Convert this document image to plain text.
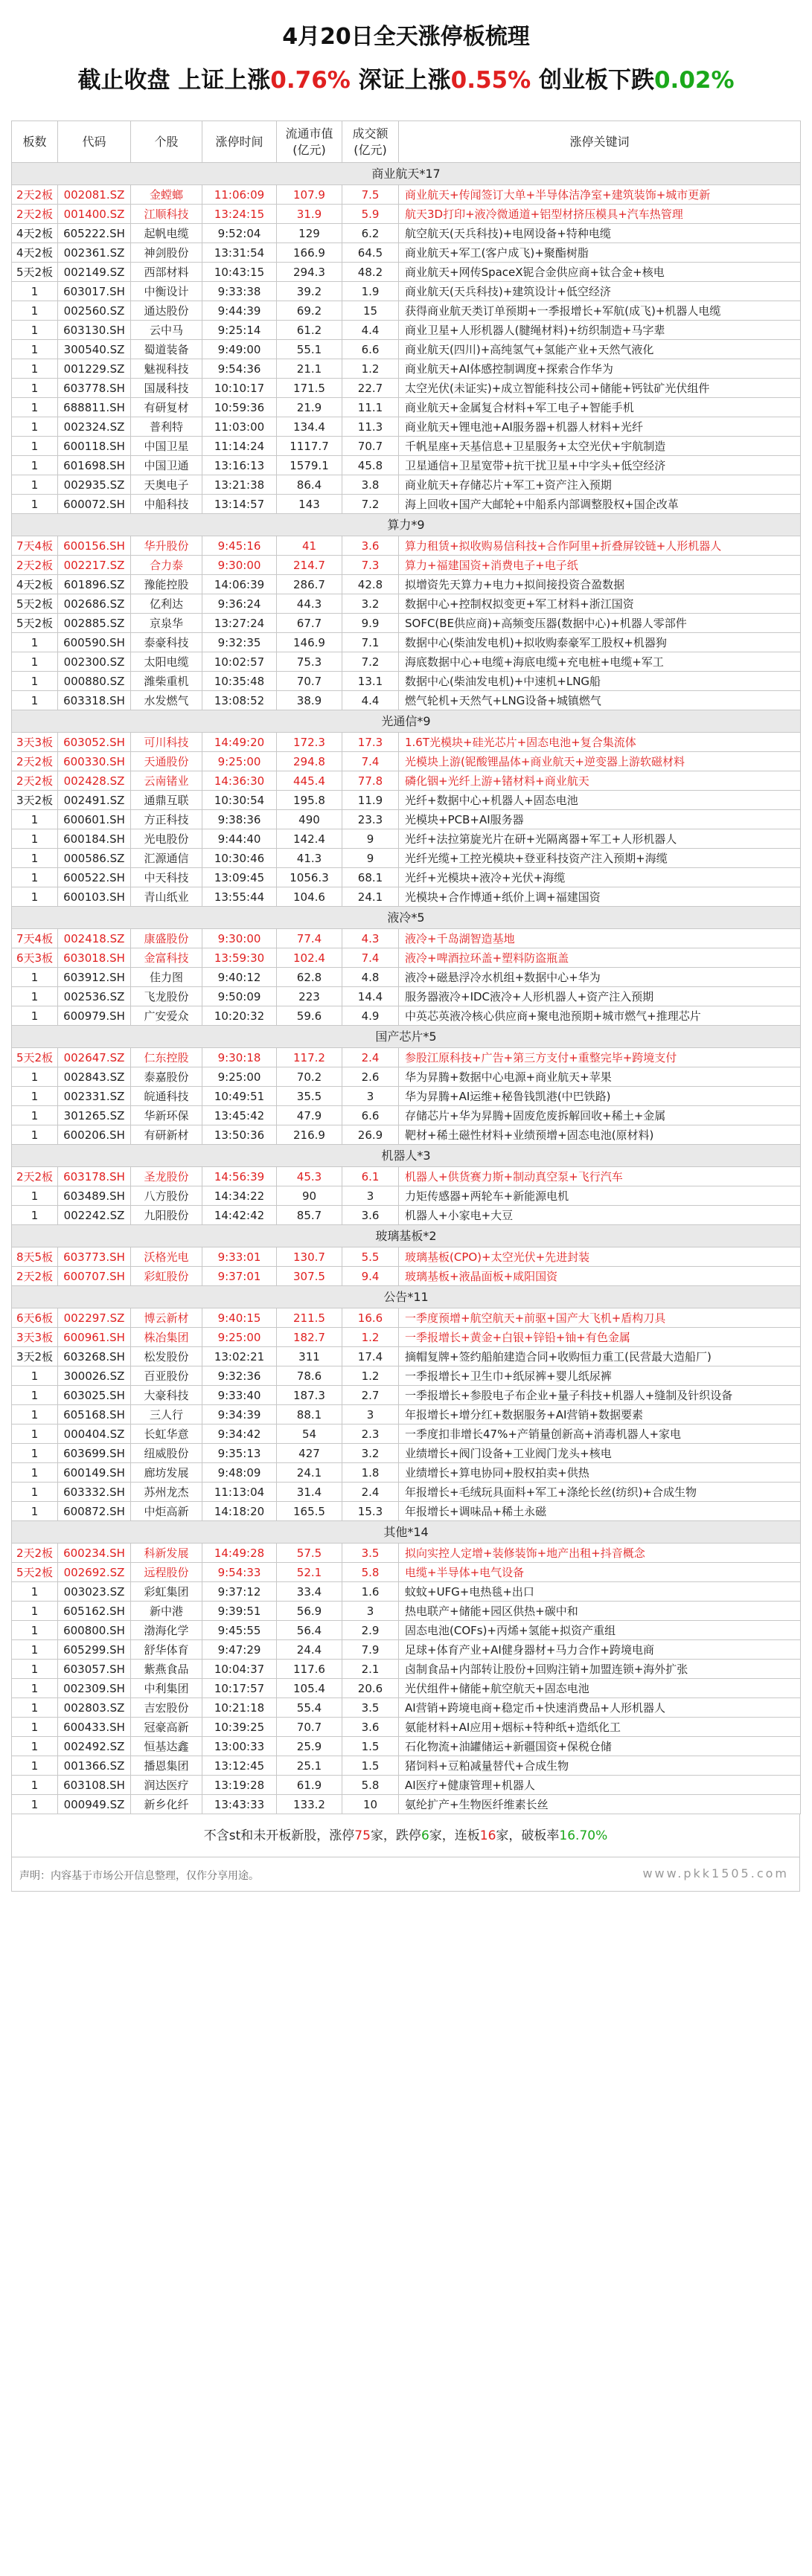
4月20日全天涨停板梳理
截止收盘 上证上涨0.76% 深证上涨0.55% 创业板下跌0.02%
板数	代码	个股	涨停时间	流通市值
(亿元)	成交额
(亿元)	涨停关键词
商业航天*17						
2天2板	002081.SZ	金螳螂	11:06:09	107.9	7.5	商业航天+传闻签订大单+半导体洁净室+建筑装饰+城市更新
2天2板	001400.SZ	江顺科技	13:24:15	31.9	5.9	航天3D打印+液冷微通道+铝型材挤压模具+汽车热管理
4天2板	605222.SH	起帆电缆	9:52:04	129	6.2	航空航天(天兵科技)+电网设备+特种电缆
4天2板	002361.SZ	神剑股份	13:31:54	166.9	64.5	商业航天+军工(客户成飞)+聚酯树脂
5天2板	002149.SZ	西部材料	10:43:15	294.3	48.2	商业航天+网传SpaceX铌合金供应商+钛合金+核电
1	603017.SH	中衡设计	9:33:38	39.2	1.9	商业航天(天兵科技)+建筑设计+低空经济
1	002560.SZ	通达股份	9:44:39	69.2	15	获得商业航天类订单预期+一季报增长+军航(成飞)+机器人电缆
1	603130.SH	云中马	9:25:14	61.2	4.4	商业卫星+人形机器人(腱绳材料)+纺织制造+马字辈
1	300540.SZ	蜀道装备	9:49:00	55.1	6.6	商业航天(四川)+高纯氢气+氢能产业+天然气液化
1	001229.SZ	魅视科技	9:54:36	21.1	1.2	商业航天+AI体感控制调度+探索合作华为
1	603778.SH	国晟科技	10:10:17	171.5	22.7	太空光伏(未证实)+成立智能科技公司+储能+钙钛矿光伏组件
1	688811.SH	有研复材	10:59:36	21.9	11.1	商业航天+金属复合材料+军工电子+智能手机
1	002324.SZ	普利特	11:03:00	134.4	11.3	商业航天+锂电池+AI服务器+机器人材料+光纤
1	600118.SH	中国卫星	11:14:24	1117.7	70.7	千帆星座+天基信息+卫星服务+太空光伏+宇航制造
1	601698.SH	中国卫通	13:16:13	1579.1	45.8	卫星通信+卫星宽带+抗干扰卫星+中字头+低空经济
1	002935.SZ	天奥电子	13:21:38	86.4	3.8	商业航天+存储芯片+军工+资产注入预期
1	600072.SH	中船科技	13:14:57	143	7.2	海上回收+国产大邮轮+中船系内部调整股权+国企改革
算力*9						
7天4板	600156.SH	华升股份	9:45:16	41	3.6	算力租赁+拟收购易信科技+合作阿里+折叠屏铰链+人形机器人
2天2板	002217.SZ	合力泰	9:30:00	214.7	7.3	算力+福建国资+消费电子+电子纸
4天2板	601896.SZ	豫能控股	14:06:39	286.7	42.8	拟增资先天算力+电力+拟间接投资合盈数据
5天2板	002686.SZ	亿利达	9:36:24	44.3	3.2	数据中心+控制权拟变更+军工材料+浙江国资
5天2板	002885.SZ	京泉华	13:27:24	67.7	9.9	SOFC(BE供应商)+高频变压器(数据中心)+机器人零部件
1	600590.SH	泰豪科技	9:32:35	146.9	7.1	数据中心(柴油发电机)+拟收购泰豪军工股权+机器狗
1	002300.SZ	太阳电缆	10:02:57	75.3	7.2	海底数据中心+电缆+海底电缆+充电桩+电缆+军工
1	000880.SZ	潍柴重机	10:35:48	70.7	13.1	数据中心(柴油发电机)+中速机+LNG船
1	603318.SH	水发燃气	13:08:52	38.9	4.4	燃气轮机+天然气+LNG设备+城镇燃气
光通信*9						
3天3板	603052.SH	可川科技	14:49:20	172.3	17.3	1.6T光模块+硅光芯片+固态电池+复合集流体
2天2板	600330.SH	天通股份	9:25:00	294.8	7.4	光模块上游(铌酸锂晶体+商业航天+逆变器上游软磁材料
2天2板	002428.SZ	云南锗业	14:36:30	445.4	77.8	磷化铟+光纤上游+锗材料+商业航天
3天2板	002491.SZ	通鼎互联	10:30:54	195.8	11.9	光纤+数据中心+机器人+固态电池
1	600601.SH	方正科技	9:38:36	490	23.3	光模块+PCB+AI服务器
1	600184.SH	光电股份	9:44:40	142.4	9	光纤+法拉第旋光片在研+光隔离器+军工+人形机器人
1	000586.SZ	汇源通信	10:30:46	41.3	9	光纤光缆+工控光模块+登亚科技资产注入预期+海缆
1	600522.SH	中天科技	13:09:45	1056.3	68.1	光纤+光模块+液冷+光伏+海缆
1	600103.SH	青山纸业	13:55:44	104.6	24.1	光模块+合作博通+纸价上调+福建国资
液冷*5						
7天4板	002418.SZ	康盛股份	9:30:00	77.4	4.3	液冷+千岛湖智造基地
6天3板	603018.SH	金富科技	13:59:30	102.4	7.4	液冷+啤酒拉环盖+塑料防盗瓶盖
1	603912.SH	佳力图	9:40:12	62.8	4.8	液冷+磁悬浮冷水机组+数据中心+华为
1	002536.SZ	飞龙股份	9:50:09	223	14.4	服务器液冷+IDC液冷+人形机器人+资产注入预期
1	600979.SH	广安爱众	10:20:32	59.6	4.9	中英芯英液冷核心供应商+聚电池预期+城市燃气+推理芯片
国产芯片*5						
5天2板	002647.SZ	仁东控股	9:30:18	117.2	2.4	参股江原科技+广告+第三方支付+重整完毕+跨境支付
1	002843.SZ	泰嘉股份	9:25:00	70.2	2.6	华为昇腾+数据中心电源+商业航天+苹果
1	002331.SZ	皖通科技	10:49:51	35.5	3	华为昇腾+AI运维+秘鲁钱凯港(中巴铁路)
1	301265.SZ	华新环保	13:45:42	47.9	6.6	存储芯片+华为昇腾+固废危废拆解回收+稀土+金属
1	600206.SH	有研新材	13:50:36	216.9	26.9	靶材+稀土磁性材料+业绩预增+固态电池(原材料)
机器人*3						
2天2板	603178.SH	圣龙股份	14:56:39	45.3	6.1	机器人+供货赛力斯+制动真空泵+飞行汽车
1	603489.SH	八方股份	14:34:22	90	3	力矩传感器+两轮车+新能源电机
1	002242.SZ	九阳股份	14:42:42	85.7	3.6	机器人+小家电+大豆
玻璃基板*2						
8天5板	603773.SH	沃格光电	9:33:01	130.7	5.5	玻璃基板(CPO)+太空光伏+先进封装
2天2板	600707.SH	彩虹股份	9:37:01	307.5	9.4	玻璃基板+液晶面板+咸阳国资
公告*11						
6天6板	002297.SZ	博云新材	9:40:15	211.5	16.6	一季度预增+航空航天+前驱+国产大飞机+盾构刀具
3天3板	600961.SH	株冶集团	9:25:00	182.7	1.2	一季报增长+黄金+白银+锌铅+铀+有色金属
3天2板	603268.SH	松发股份	13:02:21	311	17.4	摘帽复牌+签约船舶建造合同+收购恒力重工(民营最大造船厂)
1	300026.SZ	百亚股份	9:32:36	78.6	1.2	一季报增长+卫生巾+纸尿裤+婴儿纸尿裤
1	603025.SH	大豪科技	9:33:40	187.3	2.7	一季报增长+参股电子布企业+量子科技+机器人+缝制及针织设备
1	605168.SH	三人行	9:34:39	88.1	3	年报增长+增分红+数据服务+AI营销+数据要素
1	000404.SZ	长虹华意	9:34:42	54	2.3	一季度扣非增长47%+产销量创新高+消毒机器人+家电
1	603699.SH	纽威股份	9:35:13	427	3.2	业绩增长+阀门设备+工业阀门龙头+核电
1	600149.SH	廊坊发展	9:48:09	24.1	1.8	业绩增长+算电协同+股权拍卖+供热
1	603332.SH	苏州龙杰	11:13:04	31.4	2.4	年报增长+毛绒玩具面料+军工+涤纶长丝(纺织)+合成生物
1	600872.SH	中炬高新	14:18:20	165.5	15.3	年报增长+调味品+稀土永磁
其他*14						
2天2板	600234.SH	科新发展	14:49:28	57.5	3.5	拟向实控人定增+装修装饰+地产出租+抖音概念
5天2板	002692.SZ	远程股份	9:54:33	52.1	5.8	电缆+半导体+电气设备
1	003023.SZ	彩虹集团	9:37:12	33.4	1.6	蚊蚊+UFG+电热毯+出口
1	605162.SH	新中港	9:39:51	56.9	3	热电联产+储能+园区供热+碳中和
1	600800.SH	渤海化学	9:45:55	56.4	2.9	固态电池(COFs)+丙烯+氢能+拟资产重组
1	605299.SH	舒华体育	9:47:29	24.4	7.9	足球+体育产业+AI健身器材+马力合作+跨境电商
1	603057.SH	紫燕食品	10:04:37	117.6	2.1	卤制食品+内部转让股份+回购注销+加盟连锁+海外扩张
1	002309.SH	中利集团	10:17:57	105.4	20.6	光伏组件+储能+航空航天+固态电池
1	002803.SZ	吉宏股份	10:21:18	55.4	3.5	AI营销+跨境电商+稳定币+快速消费品+人形机器人
1	600433.SH	冠豪高新	10:39:25	70.7	3.6	氨能材料+AI应用+烟标+特种纸+造纸化工
1	002492.SZ	恒基达鑫	13:00:33	25.9	1.5	石化物流+油罐储运+新疆国资+保税仓储
1	001366.SZ	播恩集团	13:12:45	25.1	1.5	猪饲料+豆粕减量替代+合成生物
1	603108.SH	润达医疗	13:19:28	61.9	5.8	AI医疗+健康管理+机器人
1	000949.SZ	新乡化纤	13:43:33	133.2	10	氨纶扩产+生物医纤维素长丝
不含st和未开板新股，涨停75家，跌停6家，连板16家，破板率16.70%
声明：内容基于市场公开信息整理，仅作分享用途。	www.pkk1505.com
